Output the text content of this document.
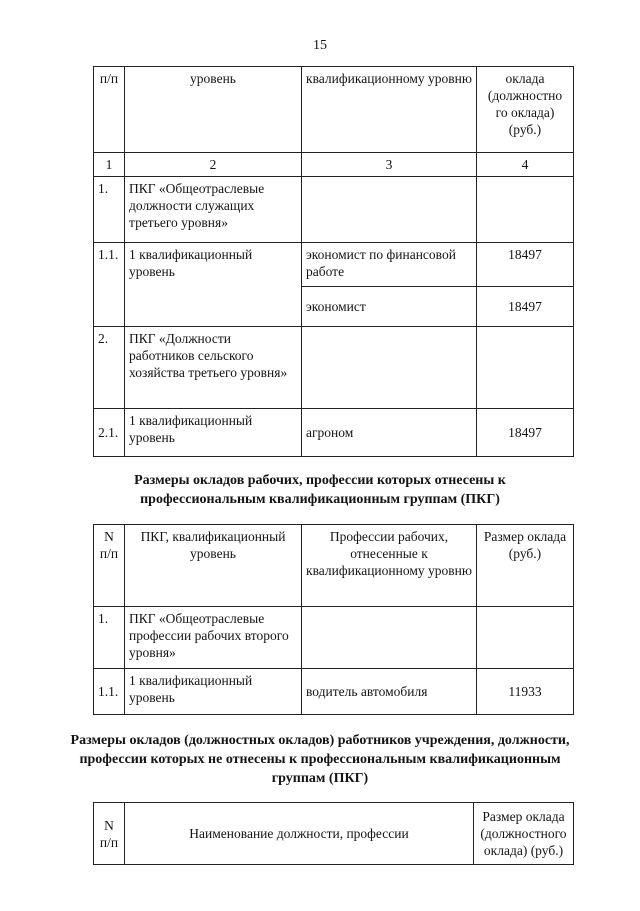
15
п/п	уровень	квалификационному уровню	оклада (должностно го оклада) (руб.)
1	2	3	4
1.	ПКГ «Общеотраслевые должности служащих третьего уровня»		
1.1.	1 квалификационный уровень	экономист по финансовой работе	18497
		экономист	18497
2.	ПКГ «Должности работников сельского хозяйства третьего уровня»		
2.1.	1 квалификационный уровень	агроном	18497
Размеры окладов рабочих, профессии которых отнесены к профессиональным квалификационным группам (ПКГ)
N п/п	ПКГ, квалификационный уровень	Профессии рабочих, отнесенные к квалификационному уровню	Размер оклада (руб.)
1.	ПКГ «Общеотраслевые профессии рабочих второго уровня»		
1.1.	1 квалификационный уровень	водитель автомобиля	11933
Размеры окладов (должностных окладов) работников учреждения, должности, профессии которых не отнесены к профессиональным квалификационным группам (ПКГ)
N п/п	Наименование должности, профессии	Размер оклада (должностного оклада) (руб.)
